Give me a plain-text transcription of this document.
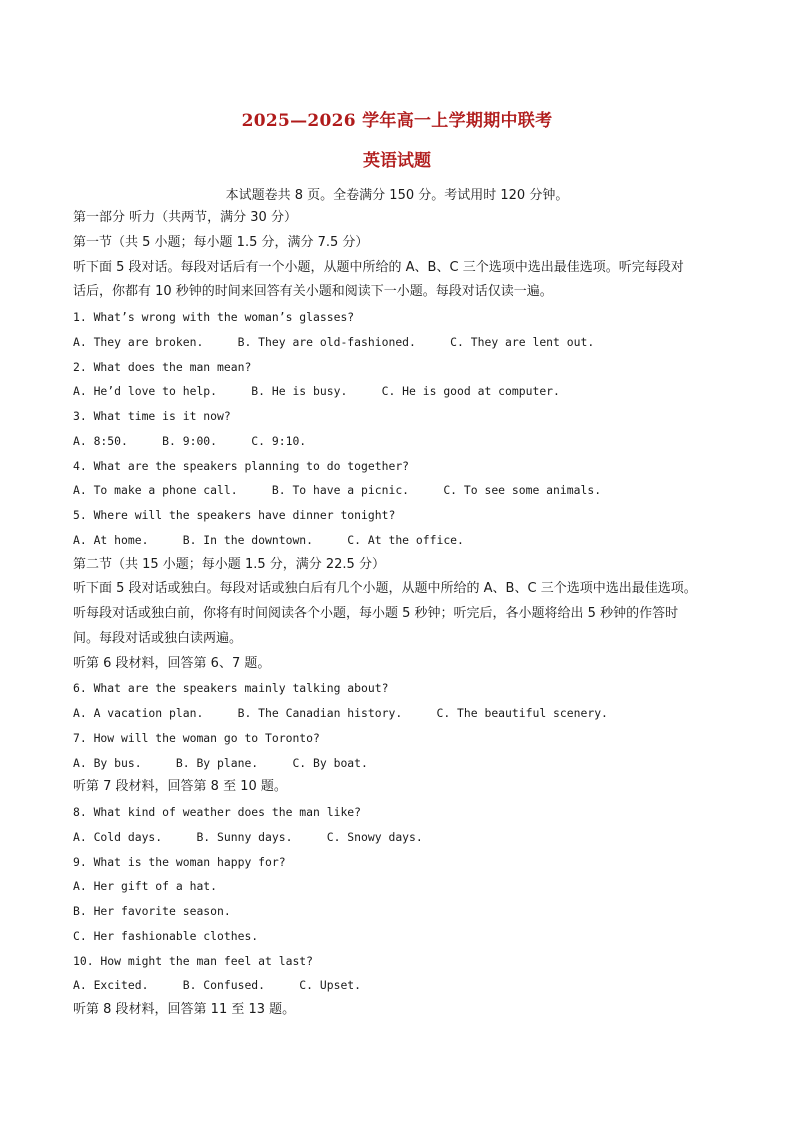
2025—2026 学年高一上学期期中联考
英语试题
本试题卷共 8 页。全卷满分 150 分。考试用时 120 分钟。
第一部分 听力（共两节，满分 30 分）
第一节（共 5 小题；每小题 1.5 分，满分 7.5 分）
听下面 5 段对话。每段对话后有一个小题，从题中所给的 A、B、C 三个选项中选出最佳选项。听完每段对
话后，你都有 10 秒钟的时间来回答有关小题和阅读下一小题。每段对话仅读一遍。
1. What’s wrong with the woman’s glasses?
A. They are broken.     B. They are old-fashioned.     C. They are lent out.
2. What does the man mean?
A. He’d love to help.     B. He is busy.     C. He is good at computer.
3. What time is it now?
A. 8:50.     B. 9:00.     C. 9:10.
4. What are the speakers planning to do together?
A. To make a phone call.     B. To have a picnic.     C. To see some animals.
5. Where will the speakers have dinner tonight?
A. At home.     B. In the downtown.     C. At the office.
第二节（共 15 小题；每小题 1.5 分，满分 22.5 分）
听下面 5 段对话或独白。每段对话或独白后有几个小题，从题中所给的 A、B、C 三个选项中选出最佳选项。
听每段对话或独白前，你将有时间阅读各个小题，每小题 5 秒钟；听完后，各小题将给出 5 秒钟的作答时
间。每段对话或独白读两遍。
听第 6 段材料，回答第 6、7 题。
6. What are the speakers mainly talking about?
A. A vacation plan.     B. The Canadian history.     C. The beautiful scenery.
7. How will the woman go to Toronto?
A. By bus.     B. By plane.     C. By boat.
听第 7 段材料，回答第 8 至 10 题。
8. What kind of weather does the man like?
A. Cold days.     B. Sunny days.     C. Snowy days.
9. What is the woman happy for?
A. Her gift of a hat.
B. Her favorite season.
C. Her fashionable clothes.
10. How might the man feel at last?
A. Excited.     B. Confused.     C. Upset.
听第 8 段材料，回答第 11 至 13 题。
